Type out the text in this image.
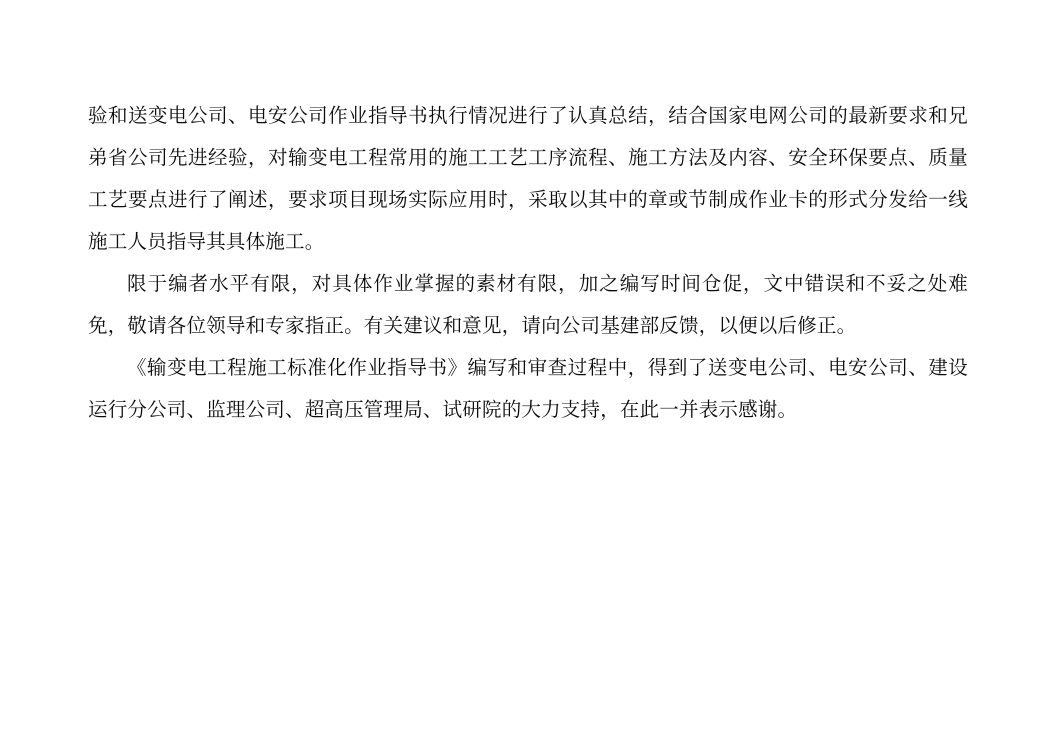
验和送变电公司、电安公司作业指导书执行情况进行了认真总结，结合国家电网公司的最新要求和兄弟省公司先进经验，对输变电工程常用的施工工艺工序流程、施工方法及内容、安全环保要点、质量工艺要点进行了阐述，要求项目现场实际应用时，采取以其中的章或节制成作业卡的形式分发给一线施工人员指导其具体施工。

限于编者水平有限，对具体作业掌握的素材有限，加之编写时间仓促，文中错误和不妥之处难免，敬请各位领导和专家指正。有关建议和意见，请向公司基建部反馈，以便以后修正。

《输变电工程施工标准化作业指导书》编写和审查过程中，得到了送变电公司、电安公司、建设运行分公司、监理公司、超高压管理局、试研院的大力支持，在此一并表示感谢。
